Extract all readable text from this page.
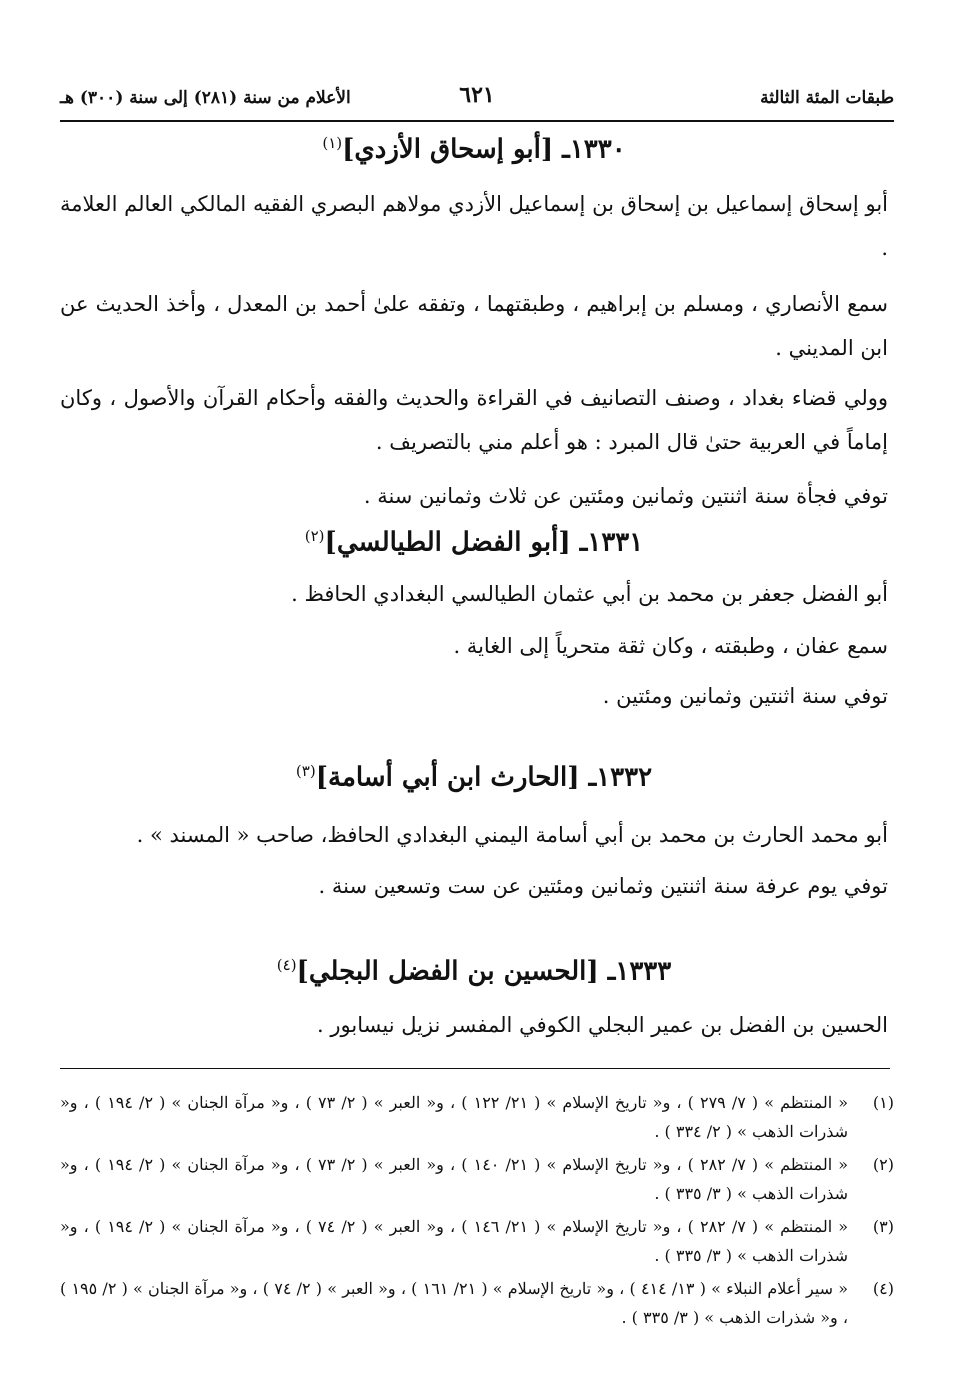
طبقات المئة الثالثة
٦٢١
الأعلام من سنة (٢٨١) إلى سنة (٣٠٠) هـ
١٣٣٠ـ [أبو إسحاق الأزدي]$^{(١)}$
أبو إسحاق إسماعيل بن إسحاق بن إسماعيل الأزدي مولاهم البصري الفقيه المالكي العالم العلامة .
سمع الأنصاري ، ومسلم بن إبراهيم ، وطبقتهما ، وتفقه علىٰ أحمد بن المعدل ، وأخذ الحديث عن ابن المديني .
وولي قضاء بغداد ، وصنف التصانيف في القراءة والحديث والفقه وأحكام القرآن والأصول ، وكان إماماً في العربية حتىٰ قال المبرد : هو أعلم مني بالتصريف .
توفي فجأة سنة اثنتين وثمانين ومئتين عن ثلاث وثمانين سنة .
١٣٣١ـ [أبو الفضل الطيالسي]$^{(٢)}$
أبو الفضل جعفر بن محمد بن أبي عثمان الطيالسي البغدادي الحافظ .
سمع عفان ، وطبقته ، وكان ثقة متحرياً إلى الغاية .
توفي سنة اثنتين وثمانين ومئتين .
١٣٣٢ـ [الحارث ابن أبي أسامة]$^{(٣)}$
أبو محمد الحارث بن محمد بن أبي أسامة اليمني البغدادي الحافظ، صاحب « المسند » .
توفي يوم عرفة سنة اثنتين وثمانين ومئتين عن ست وتسعين سنة .
١٣٣٣ـ [الحسين بن الفضل البجلي]$^{(٤)}$
الحسين بن الفضل بن عمير البجلي الكوفي المفسر نزيل نيسابور .
(١)
« المنتظم » ( ٧/ ٢٧٩ ) ، و« تاريخ الإسلام » ( ٢١/ ١٢٢ ) ، و« العبر » ( ٢/ ٧٣ ) ، و« مرآة الجنان » ( ٢/ ١٩٤ ) ، و« شذرات الذهب » ( ٢/ ٣٣٤ ) .
(٢)
« المنتظم » ( ٧/ ٢٨٢ ) ، و« تاريخ الإسلام » ( ٢١/ ١٤٠ ) ، و« العبر » ( ٢/ ٧٣ ) ، و« مرآة الجنان » ( ٢/ ١٩٤ ) ، و« شذرات الذهب » ( ٣/ ٣٣٥ ) .
(٣)
« المنتظم » ( ٧/ ٢٨٢ ) ، و« تاريخ الإسلام » ( ٢١/ ١٤٦ ) ، و« العبر » ( ٢/ ٧٤ ) ، و« مرآة الجنان » ( ٢/ ١٩٤ ) ، و« شذرات الذهب » ( ٣/ ٣٣٥ ) .
(٤)
« سير أعلام النبلاء » ( ١٣/ ٤١٤ ) ، و« تاريخ الإسلام » ( ٢١/ ١٦١ ) ، و« العبر » ( ٢/ ٧٤ ) ، و« مرآة الجنان » ( ٢/ ١٩٥ ) ، و« شذرات الذهب » ( ٣/ ٣٣٥ ) .
